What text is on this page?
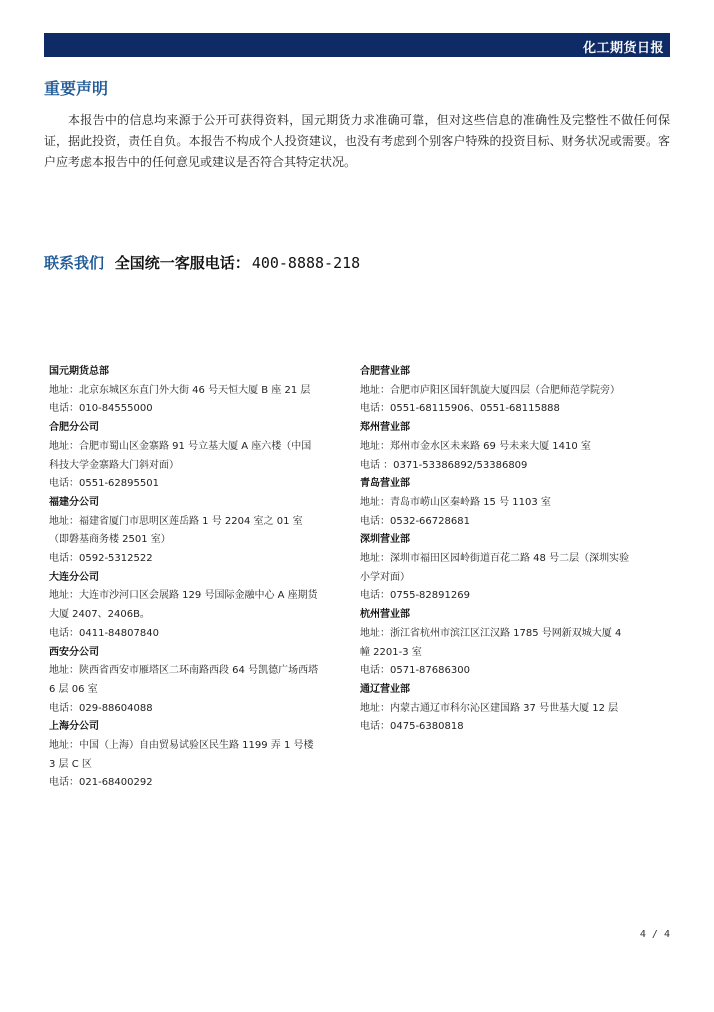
化工期货日报
重要声明
本报告中的信息均来源于公开可获得资料，国元期货力求准确可靠，但对这些信息的准确性及完整性不做任何保证，据此投资，责任自负。本报告不构成个人投资建议，也没有考虑到个别客户特殊的投资目标、财务状况或需要。客户应考虑本报告中的任何意见或建议是否符合其特定状况。
联系我们 全国统一客服电话： 400-8888-218
国元期货总部
地址：北京东城区东直门外大街 46 号天恒大厦 B 座 21 层
电话：010-84555000
合肥分公司
地址：合肥市蜀山区金寨路 91 号立基大厦 A 座六楼（中国科技大学金寨路大门斜对面）
电话：0551-62895501
福建分公司
地址：福建省厦门市思明区莲岳路 1 号 2204 室之 01 室（即磐基商务楼 2501 室）
电话：0592-5312522
大连分公司
地址：大连市沙河口区会展路 129 号国际金融中心 A 座期货大厦 2407、2406B。
电话：0411-84807840
西安分公司
地址：陕西省西安市雁塔区二环南路西段 64 号凯德广场西塔 6 层 06 室
电话：029-88604088
上海分公司
地址：中国（上海）自由贸易试验区民生路 1199 弄 1 号楼 3 层 C 区
电话：021-68400292
合肥营业部
地址：合肥市庐阳区国轩凯旋大厦四层（合肥师范学院旁）
电话：0551-68115906、0551-68115888
郑州营业部
地址：郑州市金水区未来路 69 号未来大厦 1410 室
电话 ：0371-53386892/53386809
青岛营业部
地址：青岛市崂山区秦岭路 15 号 1103 室
电话：0532-66728681
深圳营业部
地址：深圳市福田区园岭街道百花二路 48 号二层（深圳实验小学对面）
电话：0755-82891269
杭州营业部
地址：浙江省杭州市滨江区江汉路 1785 号网新双城大厦 4 幢 2201-3 室
电话：0571-87686300
通辽营业部
地址：内蒙古通辽市科尔沁区建国路 37 号世基大厦 12 层
电话：0475-6380818
4 / 4
